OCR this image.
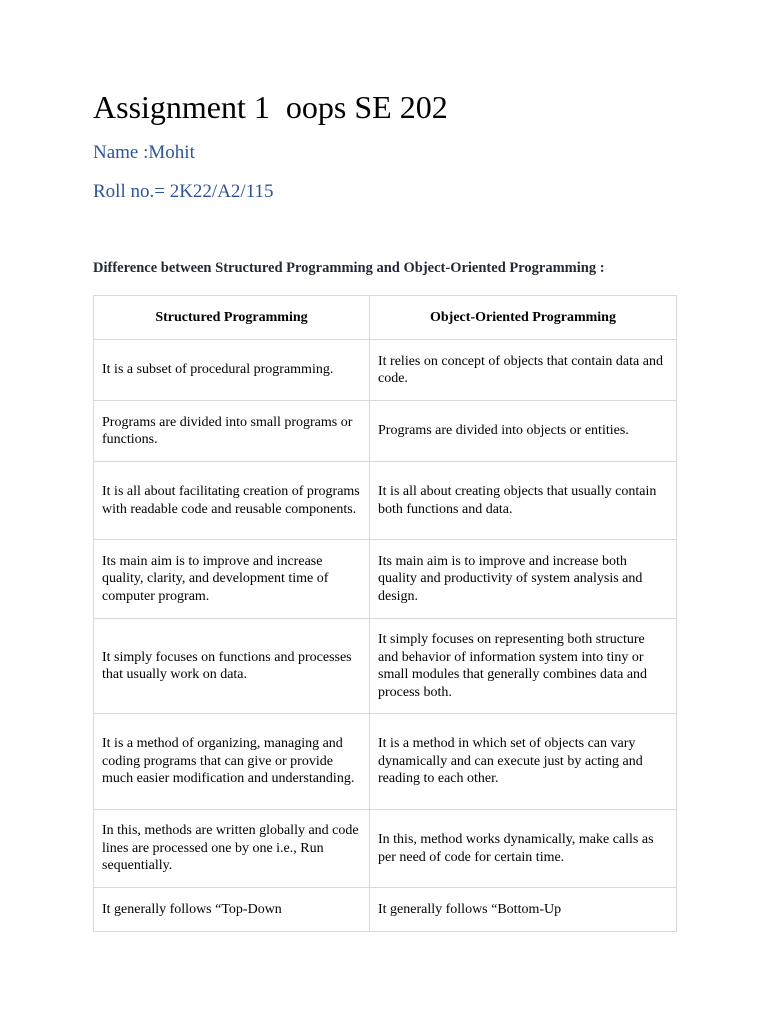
Assignment 1  oops SE 202
Name :Mohit
Roll no.= 2K22/A2/115
Difference between Structured Programming and Object-Oriented Programming :
Structured Programming	Object-Oriented Programming
It is a subset of procedural programming.	It relies on concept of objects that contain data and code.
Programs are divided into small programs or functions.	Programs are divided into objects or entities.
It is all about facilitating creation of programs with readable code and reusable components.	It is all about creating objects that usually contain both functions and data.
Its main aim is to improve and increase quality, clarity, and development time of computer program.	Its main aim is to improve and increase both quality and productivity of system analysis and design.
It simply focuses on functions and processes that usually work on data.	It simply focuses on representing both structure and behavior of information system into tiny or small modules that generally combines data and process both.
It is a method of organizing, managing and coding programs that can give or provide much easier modification and understanding.	It is a method in which set of objects can vary dynamically and can execute just by acting and reading to each other.
In this, methods are written globally and code lines are processed one by one i.e., Run sequentially.	In this, method works dynamically, make calls as per need of code for certain time.
It generally follows “Top-Down	It generally follows “Bottom-Up
